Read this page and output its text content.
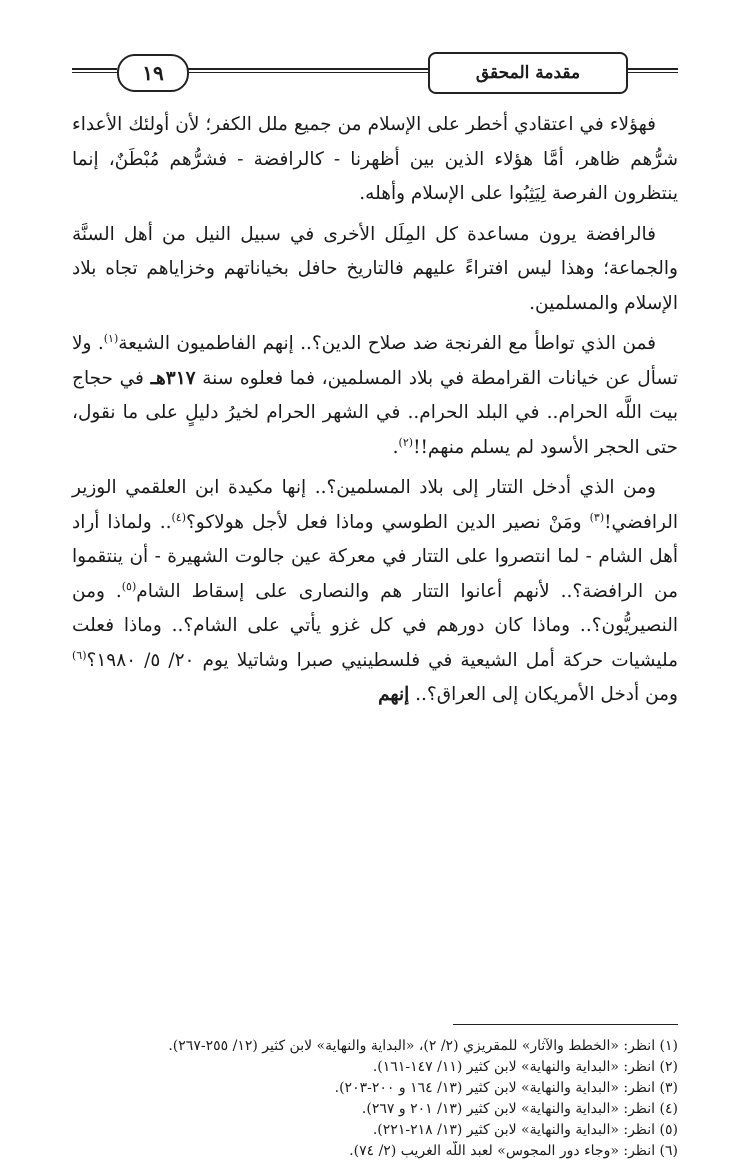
١٩	مقدمة المحقق

فهؤلاء في اعتقادي أخطر على الإسلام من جميع ملل الكفر؛ لأن أولئك الأعداء شرُّهم ظاهر، أمَّا هؤلاء الذين بين أظهرنا - كالرافضة - فشرُّهم مُبْطَنٌ، إنما ينتظرون الفرصة لِيَثِبُوا على الإسلام وأهله.

فالرافضة يرون مساعدة كل المِلَل الأخرى في سبيل النيل من أهل السنَّة والجماعة؛ وهذا ليس افتراءً عليهم فالتاريخ حافل بخياناتهم وخزاياهم تجاه بلاد الإسلام والمسلمين.

فمن الذي تواطأ مع الفرنجة ضد صلاح الدين؟.. إنهم الفاطميون الشيعة$^{(١)}$. ولا تسأل عن خيانات القرامطة في بلاد المسلمين، فما فعلوه سنة ٣١٧هـ في حجاج بيت اللَّه الحرام.. في البلد الحرام.. في الشهر الحرام لخيرُ دليلٍ على ما نقول، حتى الحجر الأسود لم يسلم منهم!!$^{(٢)}$.

ومن الذي أدخل التتار إلى بلاد المسلمين؟.. إنها مكيدة ابن العلقمي الوزير الرافضي!$^{(٣)}$ ومَنْ نصير الدين الطوسي وماذا فعل لأجل هولاكو؟$^{(٤)}$.. ولماذا أراد أهل الشام - لما انتصروا على التتار في معركة عين جالوت الشهيرة - أن ينتقموا من الرافضة؟.. لأنهم أعانوا التتار هم والنصارى على إسقاط الشام$^{(٥)}$. ومن النصيريُّون؟.. وماذا كان دورهم في كل غزو يأتي على الشام؟.. وماذا فعلت مليشيات حركة أمل الشيعية في فلسطينيي صبرا وشاتيلا يوم ٢٠/ ٥/ ١٩٨٠؟$^{(٦)}$ ومن أدخل الأمريكان إلى العراق؟.. إنهم

(١) انظر: «الخطط والآثار» للمقريزي (٢/ ٢)، «البداية والنهاية» لابن كثير (١٢/ ٢٥٥-٢٦٧).
(٢) انظر: «البداية والنهاية» لابن كثير (١١/ ١٤٧-١٦١).
(٣) انظر: «البداية والنهاية» لابن كثير (١٣/ ١٦٤ و ٢٠٠-٢٠٣).
(٤) انظر: «البداية والنهاية» لابن كثير (١٣/ ٢٠١ و ٢٦٧).
(٥) انظر: «البداية والنهاية» لابن كثير (١٣/ ٢١٨-٢٢١).
(٦) انظر: «وجاء دور المجوس» لعبد اللَّه الغريب (٢/ ٧٤).
